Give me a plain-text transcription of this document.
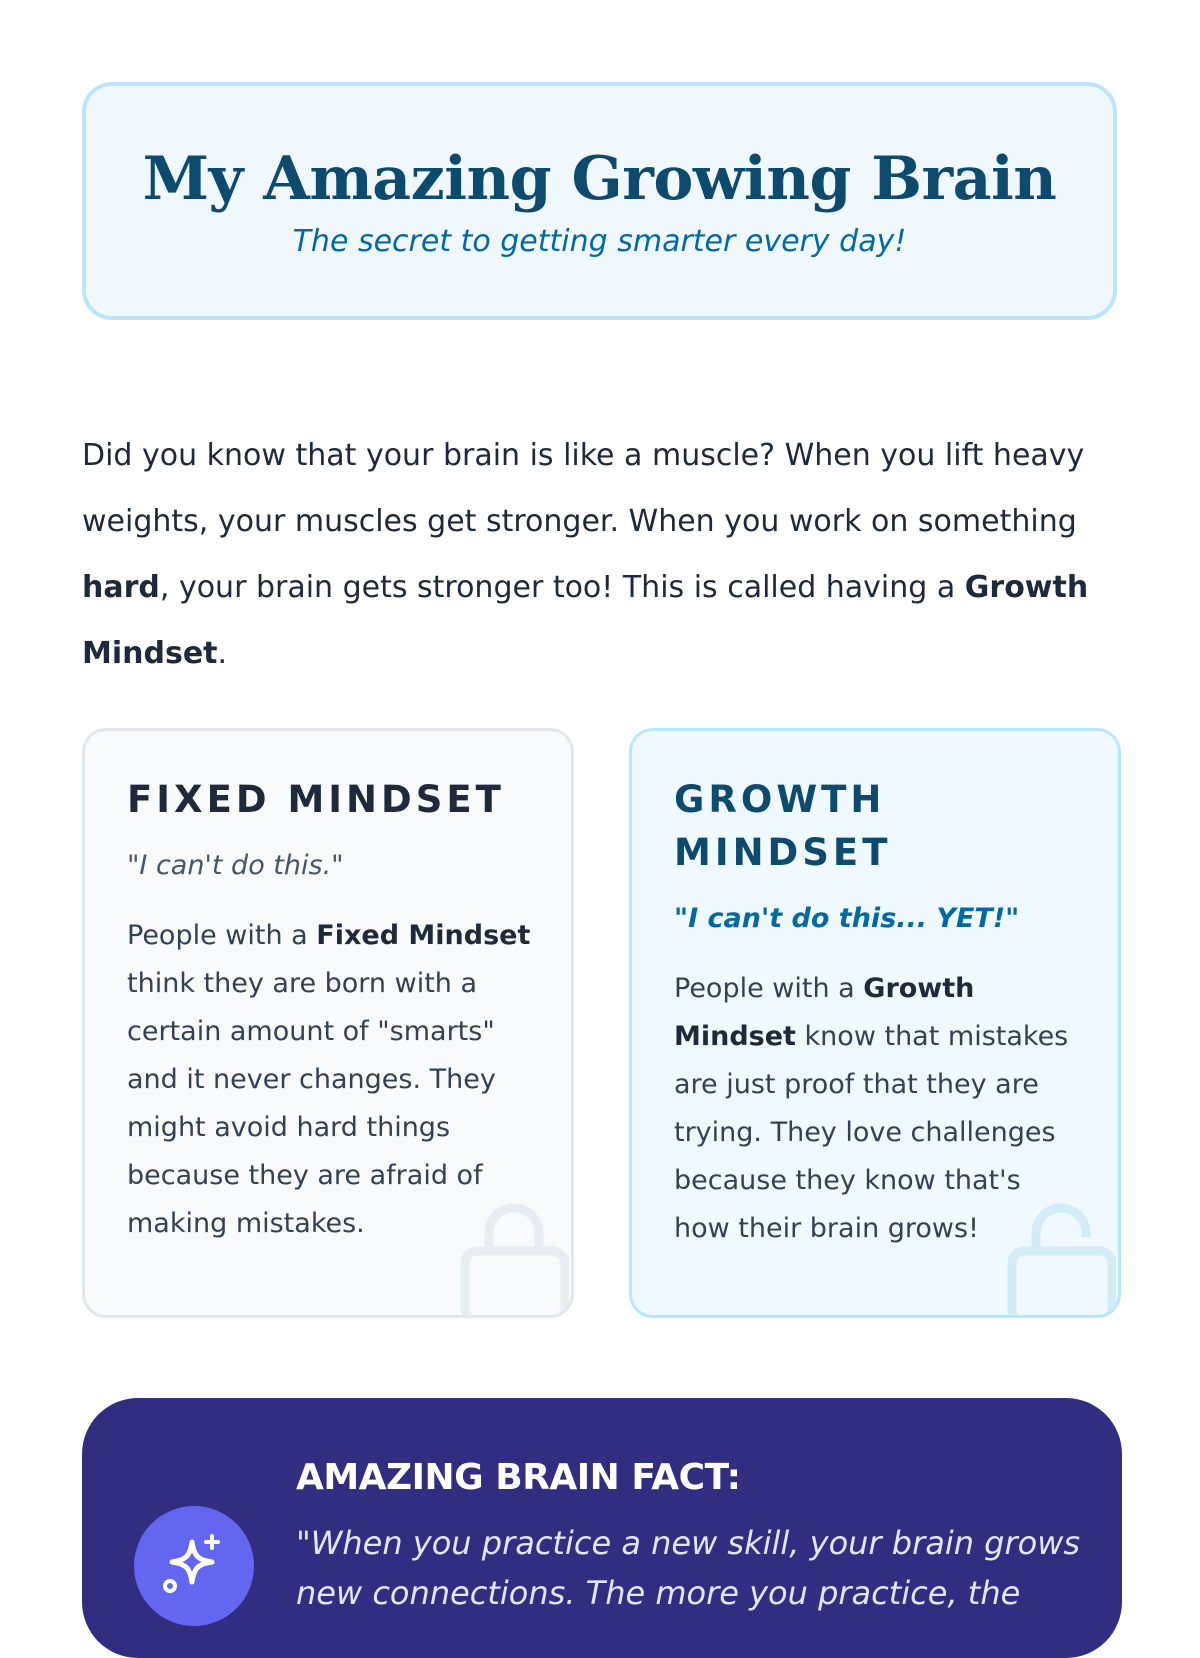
My Amazing Growing Brain
The secret to getting smarter every day!

Did you know that your brain is like a muscle? When you lift heavy weights, your muscles get stronger. When you work on something hard, your brain gets stronger too! This is called having a Growth Mindset.

FIXED MINDSET
"I can't do this."
People with a Fixed Mindset think they are born with a certain amount of "smarts" and it never changes. They might avoid hard things because they are afraid of making mistakes.
GROWTH MINDSET
"I can't do this... YET!"
People with a Growth Mindset know that mistakes are just proof that they are trying. They love challenges because they know that's how their brain grows!
AMAZING BRAIN FACT:
"When you practice a new skill, your brain grows new connections. The more you practice, the
